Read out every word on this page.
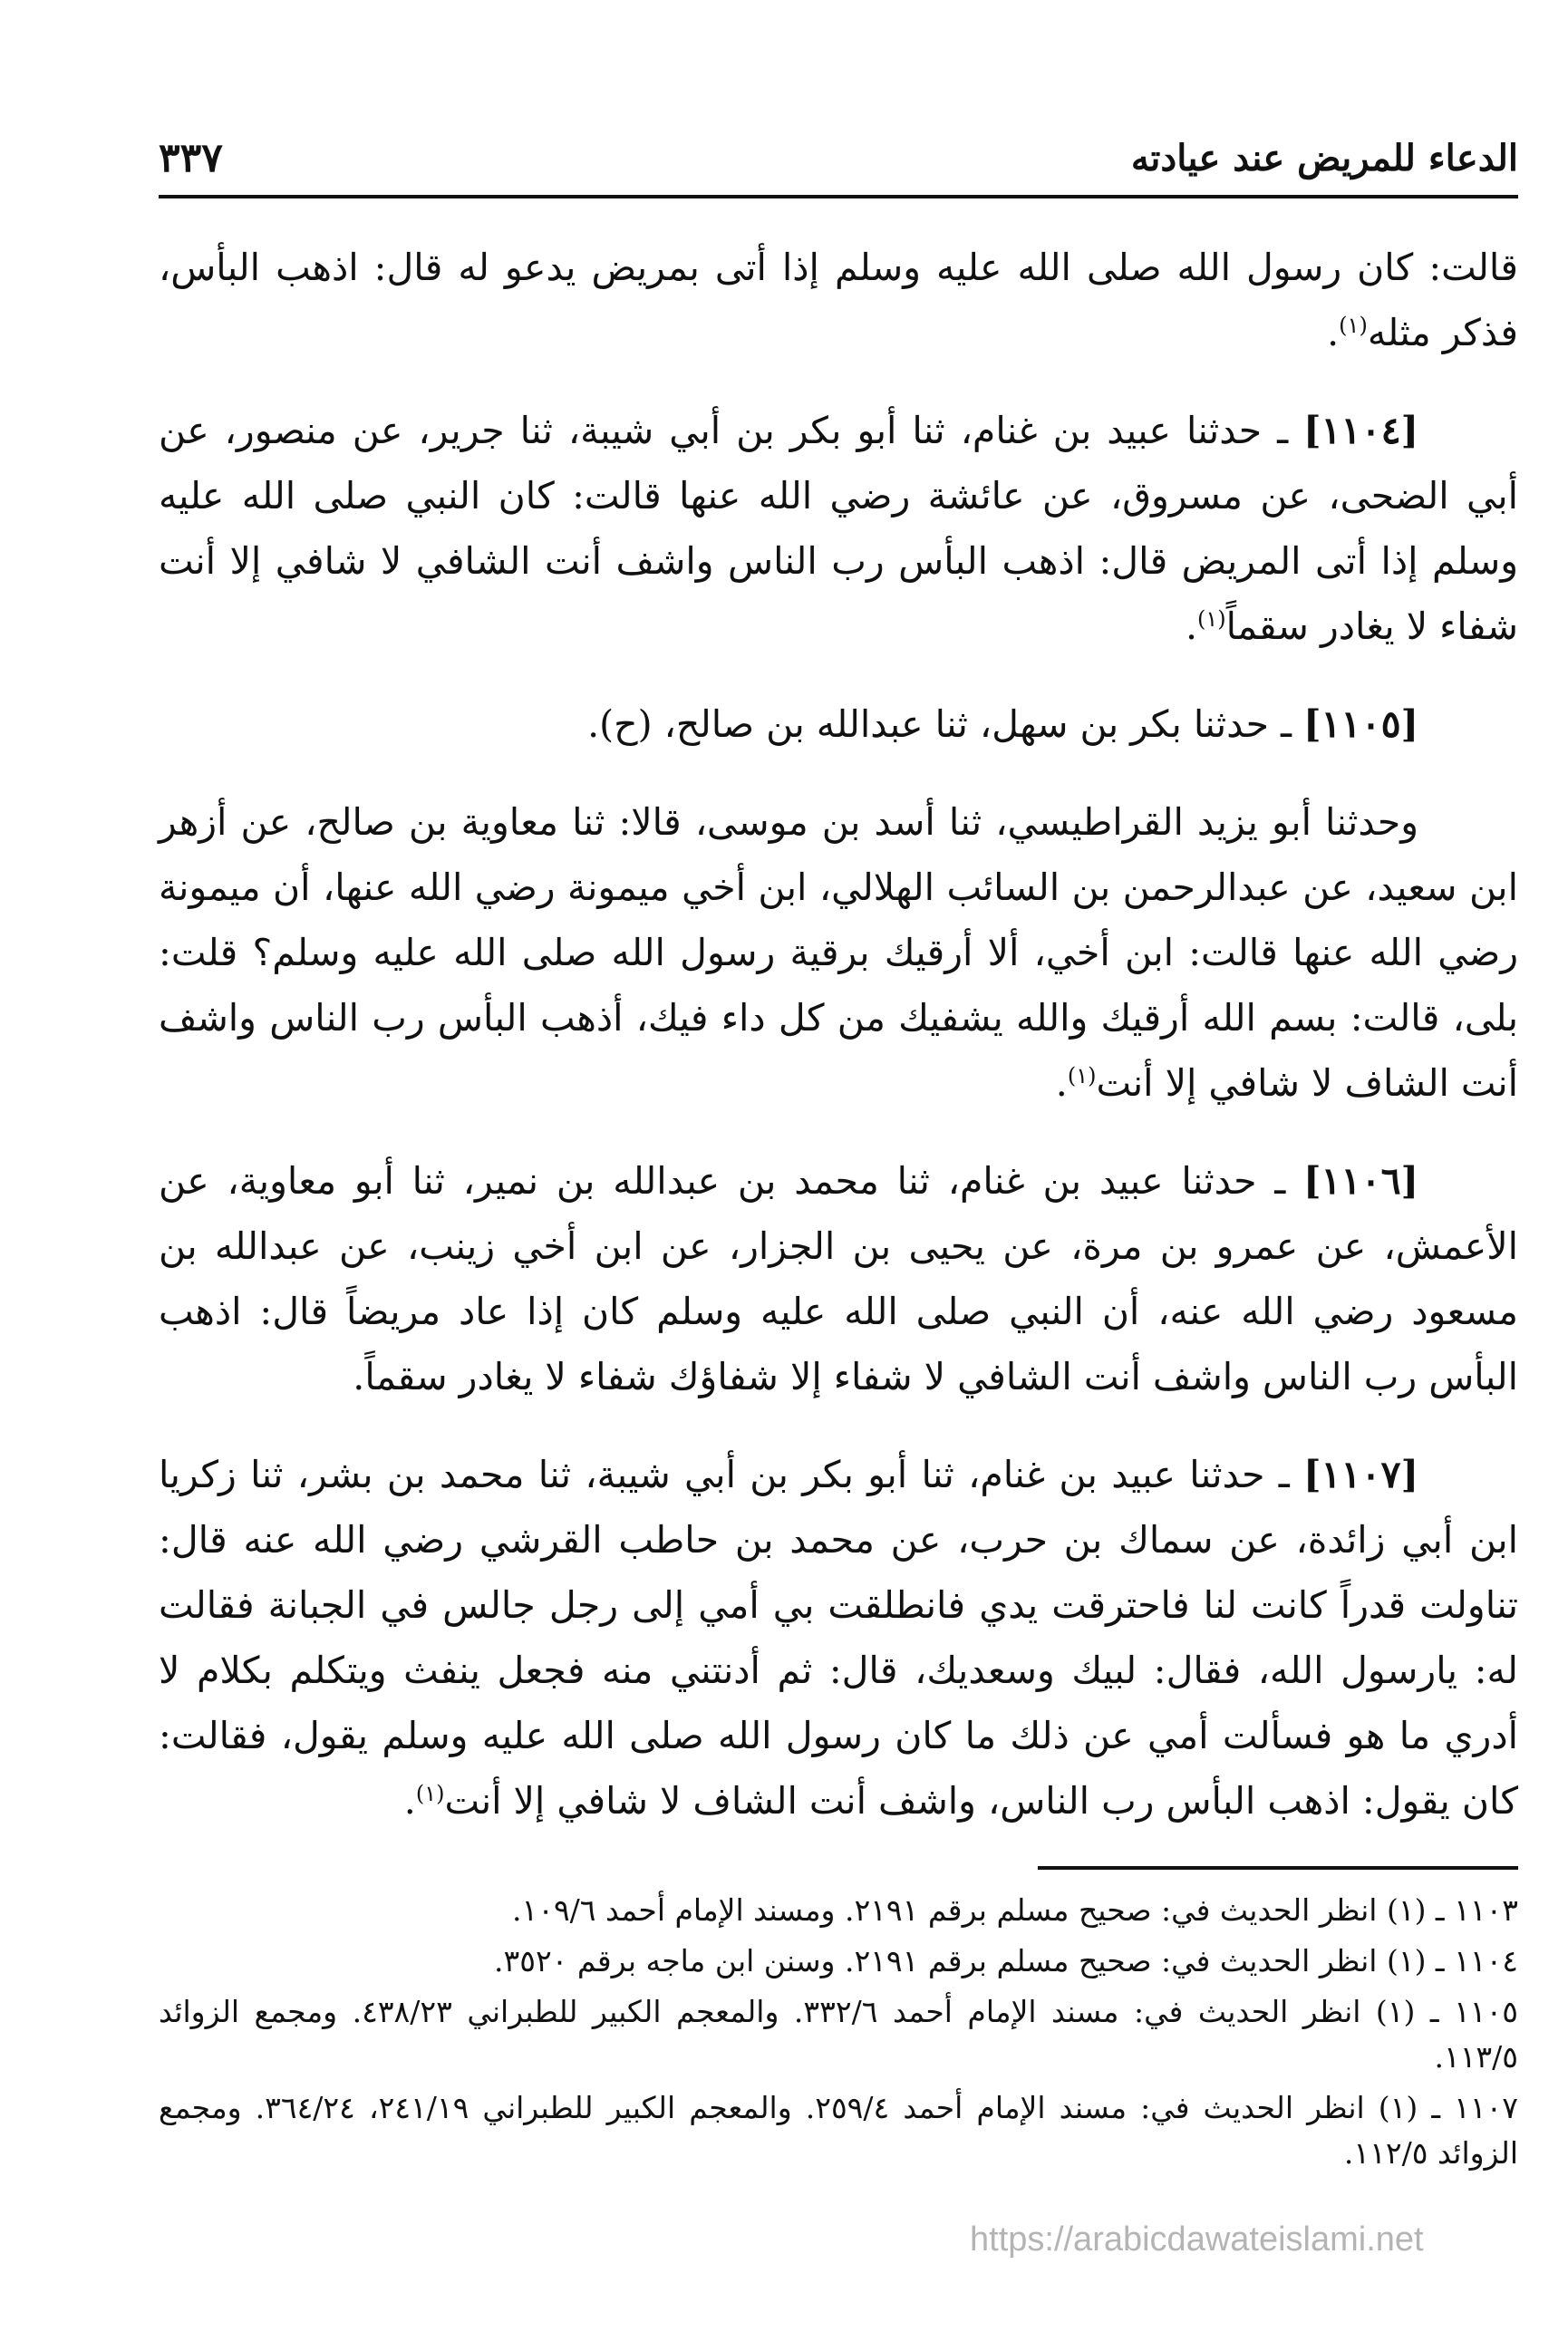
الدعاء للمريض عند عيادته
٣٣٧

قالت: كان رسول الله صلى الله عليه وسلم إذا أتى بمريض يدعو له قال: اذهب البأس، فذكر مثله$^{(١)}$.

[١١٠٤] ـ حدثنا عبيد بن غنام، ثنا أبو بكر بن أبي شيبة، ثنا جرير، عن منصور، عن أبي الضحى، عن مسروق، عن عائشة رضي الله عنها قالت: كان النبي صلى الله عليه وسلم إذا أتى المريض قال: اذهب البأس رب الناس واشف أنت الشافي لا شافي إلا أنت شفاء لا يغادر سقماً$^{(١)}$.

[١١٠٥] ـ حدثنا بكر بن سهل، ثنا عبدالله بن صالح، (ح).

وحدثنا أبو يزيد القراطيسي، ثنا أسد بن موسى، قالا: ثنا معاوية بن صالح، عن أزهر ابن سعيد، عن عبدالرحمن بن السائب الهلالي، ابن أخي ميمونة رضي الله عنها، أن ميمونة رضي الله عنها قالت: ابن أخي، ألا أرقيك برقية رسول الله صلى الله عليه وسلم؟ قلت: بلى، قالت: بسم الله أرقيك والله يشفيك من كل داء فيك، أذهب البأس رب الناس واشف أنت الشاف لا شافي إلا أنت$^{(١)}$.

[١١٠٦] ـ حدثنا عبيد بن غنام، ثنا محمد بن عبدالله بن نمير، ثنا أبو معاوية، عن الأعمش، عن عمرو بن مرة، عن يحيى بن الجزار، عن ابن أخي زينب، عن عبدالله بن مسعود رضي الله عنه، أن النبي صلى الله عليه وسلم كان إذا عاد مريضاً قال: اذهب البأس رب الناس واشف أنت الشافي لا شفاء إلا شفاؤك شفاء لا يغادر سقماً.

[١١٠٧] ـ حدثنا عبيد بن غنام، ثنا أبو بكر بن أبي شيبة، ثنا محمد بن بشر، ثنا زكريا ابن أبي زائدة، عن سماك بن حرب، عن محمد بن حاطب القرشي رضي الله عنه قال: تناولت قدراً كانت لنا فاحترقت يدي فانطلقت بي أمي إلى رجل جالس في الجبانة فقالت له: يارسول الله، فقال: لبيك وسعديك، قال: ثم أدنتني منه فجعل ينفث ويتكلم بكلام لا أدري ما هو فسألت أمي عن ذلك ما كان رسول الله صلى الله عليه وسلم يقول، فقالت: كان يقول: اذهب البأس رب الناس، واشف أنت الشاف لا شافي إلا أنت$^{(١)}$.

١١٠٣ ـ (١) انظر الحديث في: صحيح مسلم برقم ٢١٩١. ومسند الإمام أحمد ١٠٩/٦.

١١٠٤ ـ (١) انظر الحديث في: صحيح مسلم برقم ٢١٩١. وسنن ابن ماجه برقم ٣٥٢٠.

١١٠٥ ـ (١) انظر الحديث في: مسند الإمام أحمد ٣٣٢/٦. والمعجم الكبير للطبراني ٤٣٨/٢٣. ومجمع الزوائد ١١٣/٥.

١١٠٧ ـ (١) انظر الحديث في: مسند الإمام أحمد ٢٥٩/٤. والمعجم الكبير للطبراني ٢٤١/١٩، ٣٦٤/٢٤. ومجمع الزوائد ١١٢/٥.

https://arabicdawateislami.net
